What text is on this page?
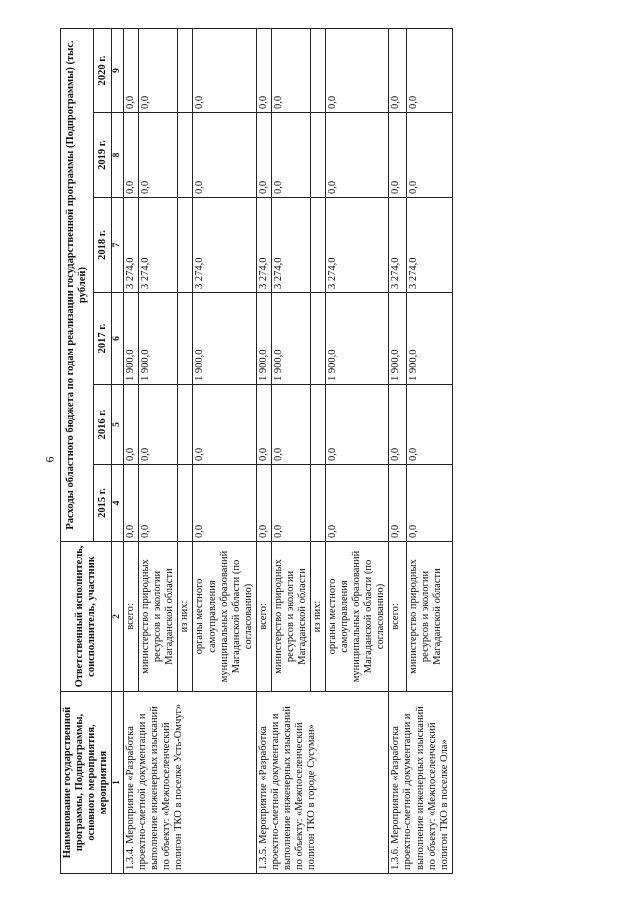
6
Наименование государственной программы, Подпрограммы, основного мероприятия, мероприятия	Ответственный исполнитель, соисполнитель, участник	Расходы областного бюджета по годам реализации государственной программы (Подпрограммы) (тыс. рублей)					
		2015 г.	2016 г.	2017 г.	2018 г.	2019 г.	2020 г.
1	2	4	5	6	7	8	9
1.3.4. Мероприятие «Разработка проектно-сметной документации и выполнение инженерных изысканий по объекту: «Межпоселенческий полигон ТКО в поселке Усть-Омчуг»	всего:	0,0	0,0	1 900,0	3 274,0	0,0	0,0
	министерство природных ресурсов и экологии Магаданской области	0,0	0,0	1 900,0	3 274,0	0,0	0,0
	из них:						
	органы местного самоуправления муниципальных образований Магаданской области (по согласованию)	0,0	0,0	1 900,0	3 274,0	0,0	0,0
1.3.5. Мероприятие «Разработка проектно-сметной документации и выполнение инженерных изысканий по объекту: «Межпоселенческий полигон ТКО в городе Сусуман»	всего:	0,0	0,0	1 900,0	3 274,0	0,0	0,0
	министерство природных ресурсов и экологии Магаданской области	0,0	0,0	1 900,0	3 274,0	0,0	0,0
	из них:						
	органы местного самоуправления муниципальных образований Магаданской области (по согласованию)	0,0	0,0	1 900,0	3 274,0	0,0	0,0
1.3.6. Мероприятие «Разработка проектно-сметной документации и выполнение инженерных изысканий по объекту: «Межпоселенческий полигон ТКО в поселке Ола»	всего:	0,0	0,0	1 900,0	3 274,0	0,0	0,0
	министерство природных ресурсов и экологии Магаданской области	0,0	0,0	1 900,0	3 274,0	0,0	0,0
